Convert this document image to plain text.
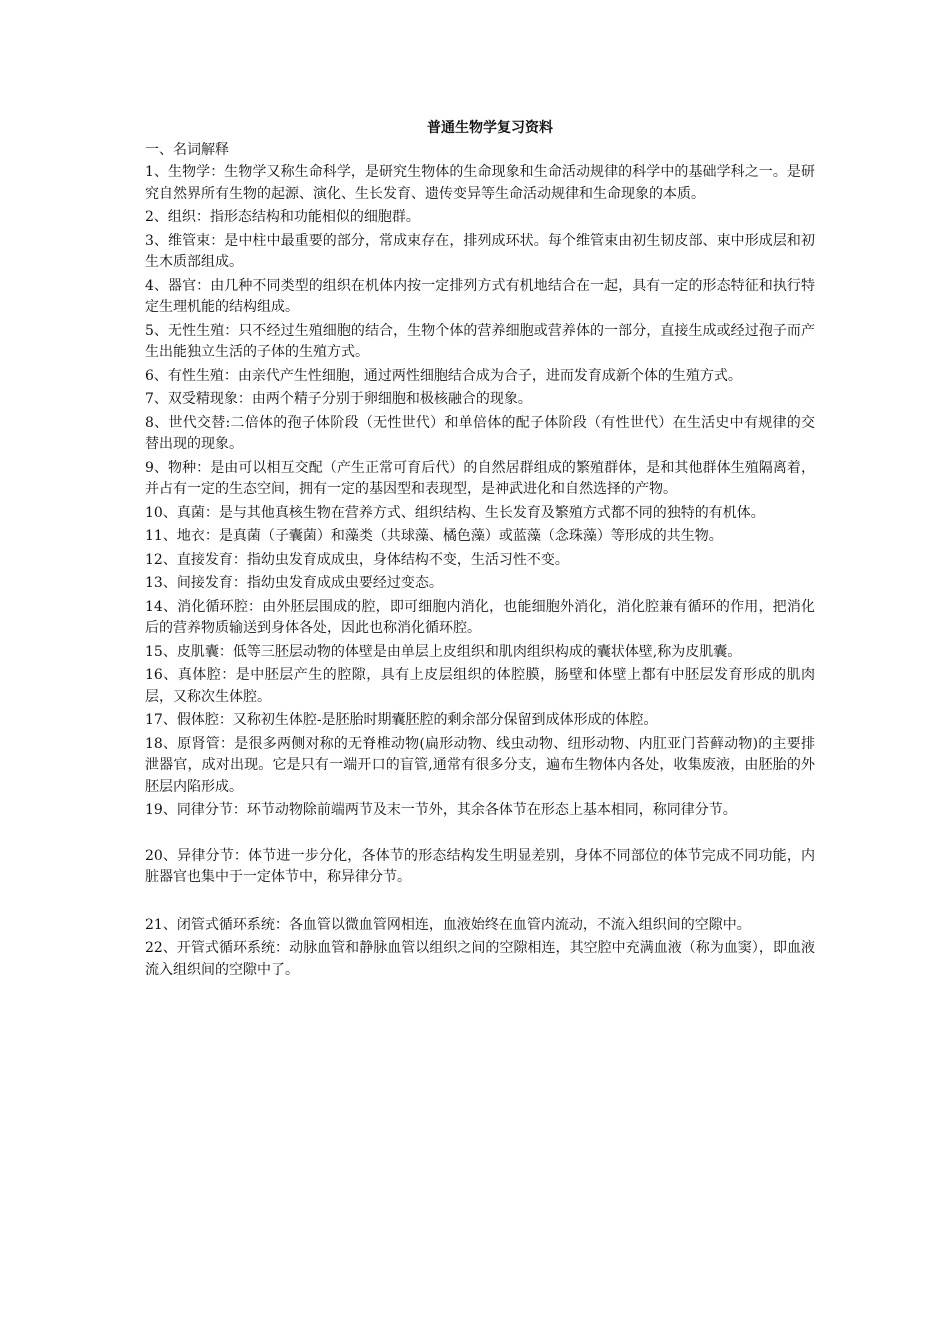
普通生物学复习资料

一、名词解释

1、生物学：生物学又称生命科学，是研究生物体的生命现象和生命活动规律的科学中的基础学科之一。是研究自然界所有生物的起源、演化、生长发育、遗传变异等生命活动规律和生命现象的本质。

2、组织：指形态结构和功能相似的细胞群。

3、维管束：是中柱中最重要的部分，常成束存在，排列成环状。每个维管束由初生韧皮部、束中形成层和初生木质部组成。

4、器官：由几种不同类型的组织在机体内按一定排列方式有机地结合在一起，具有一定的形态特征和执行特定生理机能的结构组成。

5、无性生殖：只不经过生殖细胞的结合，生物个体的营养细胞或营养体的一部分，直接生成或经过孢子而产生出能独立生活的子体的生殖方式。

6、有性生殖：由亲代产生性细胞，通过两性细胞结合成为合子，进而发育成新个体的生殖方式。

7、双受精现象：由两个精子分别于卵细胞和极核融合的现象。

8、世代交替:二倍体的孢子体阶段（无性世代）和单倍体的配子体阶段（有性世代）在生活史中有规律的交替出现的现象。

9、物种：是由可以相互交配（产生正常可育后代）的自然居群组成的繁殖群体，是和其他群体生殖隔离着，并占有一定的生态空间，拥有一定的基因型和表现型，是神武进化和自然选择的产物。

10、真菌：是与其他真核生物在营养方式、组织结构、生长发育及繁殖方式都不同的独特的有机体。

11、地衣：是真菌（子囊菌）和藻类（共球藻、橘色藻）或蓝藻（念珠藻）等形成的共生物。

12、直接发育：指幼虫发育成成虫，身体结构不变，生活习性不变。

13、间接发育：指幼虫发育成成虫要经过变态。

14、消化循环腔：由外胚层围成的腔，即可细胞内消化，也能细胞外消化，消化腔兼有循环的作用，把消化后的营养物质输送到身体各处，因此也称消化循环腔。

15、皮肌囊：低等三胚层动物的体壁是由单层上皮组织和肌肉组织构成的囊状体壁,称为皮肌囊。

16、真体腔：是中胚层产生的腔隙，具有上皮层组织的体腔膜，肠壁和体壁上都有中胚层发育形成的肌肉层，又称次生体腔。

17、假体腔：又称初生体腔-是胚胎时期囊胚腔的剩余部分保留到成体形成的体腔。

18、原肾管：是很多两侧对称的无脊椎动物(扁形动物、线虫动物、纽形动物、内肛亚门苔藓动物)的主要排泄器官，成对出现。它是只有一端开口的盲管,通常有很多分支，遍布生物体内各处，收集废液，由胚胎的外胚层内陷形成。

19、同律分节：环节动物除前端两节及末一节外，其余各体节在形态上基本相同，称同律分节。

20、异律分节：体节进一步分化，各体节的形态结构发生明显差别，身体不同部位的体节完成不同功能，内脏器官也集中于一定体节中，称异律分节。

21、闭管式循环系统：各血管以微血管网相连，血液始终在血管内流动，不流入组织间的空隙中。

22、开管式循环系统：动脉血管和静脉血管以组织之间的空隙相连，其空腔中充满血液（称为血窦），即血液流入组织间的空隙中了。
